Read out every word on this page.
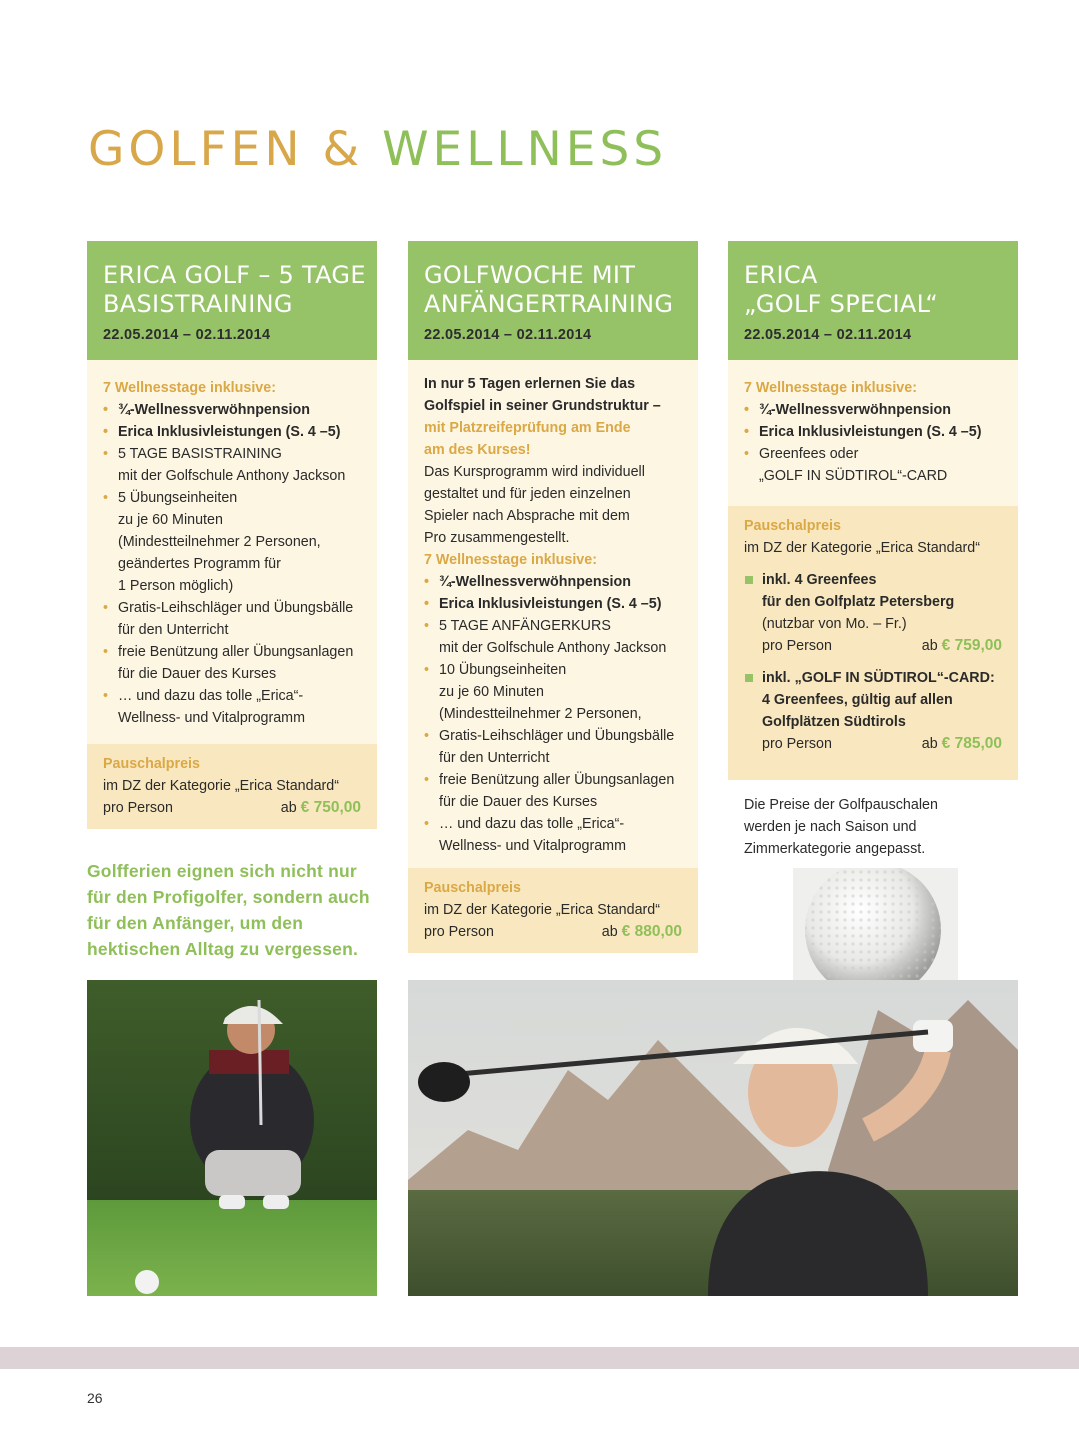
GOLFEN & WELLNESS
ERICA GOLF – 5 TAGE
BASISTRAINING
22.05.2014 – 02.11.2014
7 Wellnesstage inklusive:
• ¾-Wellnessverwöhnpension
• Erica Inklusivleistungen (S. 4 –5)
• 5 TAGE BASISTRAINING
mit der Golfschule Anthony Jackson
• 5 Übungseinheiten
zu je 60 Minuten
(Mindestteilnehmer 2 Personen,
geändertes Programm für
1 Person möglich)
• Gratis-Leihschläger und Übungsbälle
für den Unterricht
• freie Benützung aller Übungsanlagen
für die Dauer des Kurses
• … und dazu das tolle „Erica“-
Wellness- und Vitalprogramm
Pauschalpreis
im DZ der Kategorie „Erica Standard“
pro Person	ab € 750,00
GOLFWOCHE MIT
ANFÄNGERTRAINING
22.05.2014 – 02.11.2014
In nur 5 Tagen erlernen Sie das
Golfspiel in seiner Grundstruktur –
mit Platzreifeprüfung am Ende
am des Kurses!
Das Kursprogramm wird individuell
gestaltet und für jeden einzelnen
Spieler nach Absprache mit dem
Pro zusammengestellt.
7 Wellnesstage inklusive:
• ¾-Wellnessverwöhnpension
• Erica Inklusivleistungen (S. 4 –5)
• 5 TAGE ANFÄNGERKURS
mit der Golfschule Anthony Jackson
• 10 Übungseinheiten
zu je 60 Minuten
(Mindestteilnehmer 2 Personen,
• Gratis-Leihschläger und Übungsbälle
für den Unterricht
• freie Benützung aller Übungsanlagen
für die Dauer des Kurses
• … und dazu das tolle „Erica“-
Wellness- und Vitalprogramm
Pauschalpreis
im DZ der Kategorie „Erica Standard“
pro Person	ab € 880,00
ERICA
„GOLF SPECIAL“
22.05.2014 – 02.11.2014
7 Wellnesstage inklusive:
• ¾-Wellnessverwöhnpension
• Erica Inklusivleistungen (S. 4 –5)
• Greenfees oder
„GOLF IN SÜDTIROL“-CARD
Pauschalpreis
im DZ der Kategorie „Erica Standard“
inkl. 4 Greenfees
für den Golfplatz Petersberg
(nutzbar von Mo. – Fr.)
pro Person	ab € 759,00
inkl. „GOLF IN SÜDTIROL“-CARD:
4 Greenfees, gültig auf allen
Golfplätzen Südtirols
pro Person	ab € 785,00
Die Preise der Golfpauschalen
werden je nach Saison und
Zimmerkategorie angepasst.
Golfferien eignen sich nicht nur für den Profigolfer, sondern auch für den Anfänger, um den hektischen Alltag zu vergessen.
26
